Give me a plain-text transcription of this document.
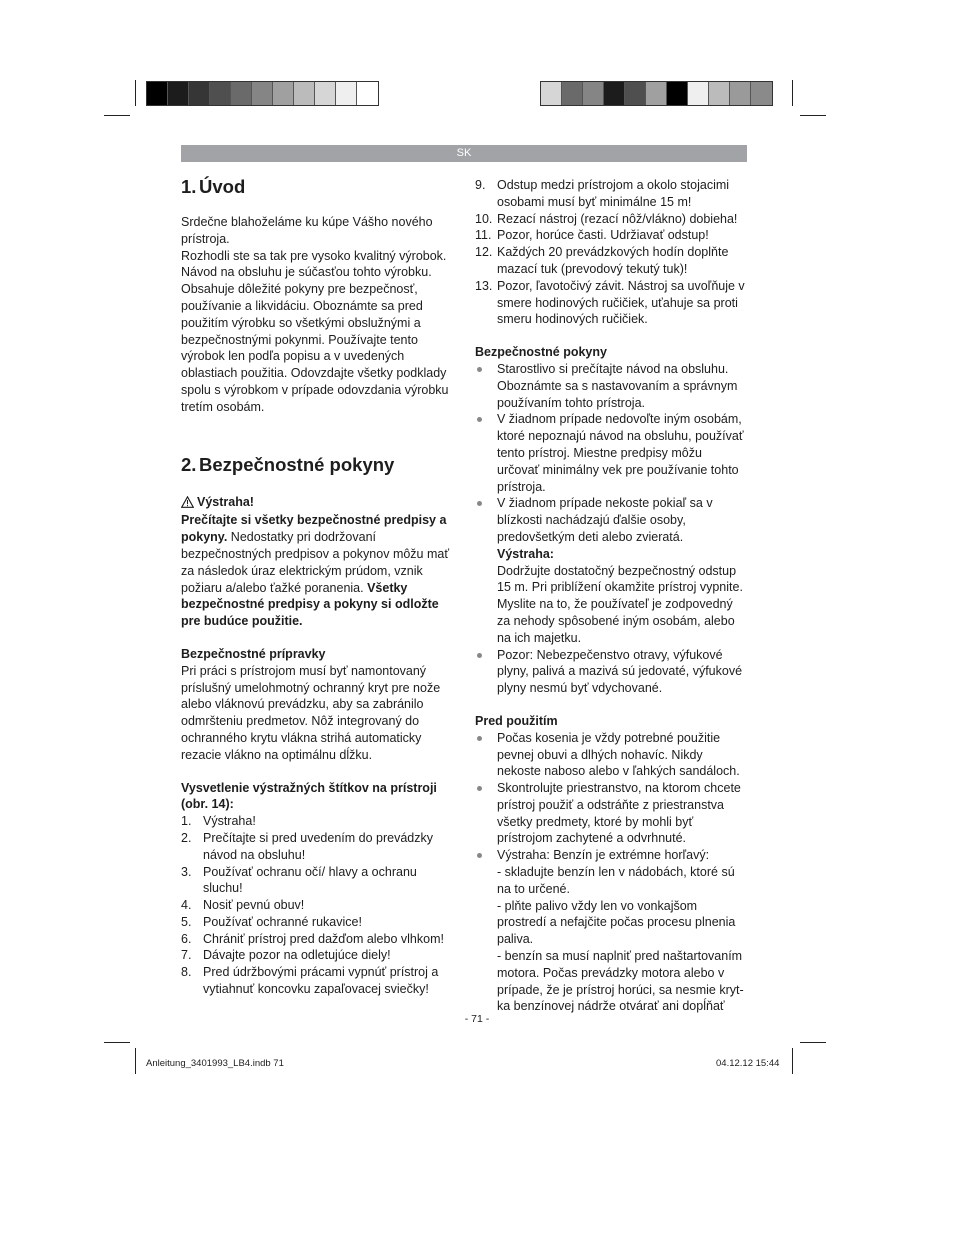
SK
1. Úvod

Srdečne blahoželáme ku kúpe Vášho nového prístroja.
Rozhodli ste sa tak pre vysoko kvalitný výrobok. Návod na obsluhu je súčasťou tohto výrobku. Obsahuje dôležité pokyny pre bezpečnosť, používanie a likvidáciu. Oboznámte sa pred použitím výrobku so všetkými obslužnými a bezpečnostnými pokynmi. Používajte tento výrobok len podľa popisu a v uvedených oblastiach použitia. Odovzdajte všetky podklady spolu s výrobkom v prípade odovzdania výrobku tretím osobám.

2. Bezpečnostné pokyny

Výstraha!

Prečítajte si všetky bezpečnostné predpisy a pokyny. Nedostatky pri dodržovaní bezpečnostných predpisov a pokynov môžu mať za následok úraz elektrickým prúdom, vznik požiaru a/alebo ťažké poranenia. Všetky bezpečnostné predpisy a pokyny si odložte pre budúce použitie.

Bezpečnostné prípravky

Pri práci s prístrojom musí byť namontovaný príslušný umelohmotný ochranný kryt pre nože alebo vláknovú prevádzku, aby sa zabránilo odmršteniu predmetov. Nôž integrovaný do ochranného krytu vlákna strihá automaticky rezacie vlákno na optimálnu dĺžku.

Vysvetlenie výstražných štítkov na prístroji (obr. 14):

1. Výstraha!
2. Prečítajte si pred uvedením do prevádzky návod na obsluhu!
3. Používať ochranu očí/ hlavy a ochranu sluchu!
4. Nosiť pevnú obuv!
5. Používať ochranné rukavice!
6. Chrániť prístroj pred dažďom alebo vlhkom!
7. Dávajte pozor na odletujúce diely!
8. Pred údržbovými prácami vypnúť prístroj a vytiahnuť koncovku zapaľovacej sviečky!
9. Odstup medzi prístrojom a okolo stojacimi osobami musí byť minimálne 15 m!
10. Rezací nástroj (rezací nôž/vlákno) dobieha!
11. Pozor, horúce časti. Udržiavať odstup!
12. Každých 20 prevádzkových hodín doplňte mazací tuk (prevodový tekutý tuk)!
13. Pozor, ľavotočivý závit. Nástroj sa uvoľňuje v smere hodinových ručičiek, uťahuje sa proti smeru hodinových ručičiek.

Bezpečnostné pokyny

Starostlivo si prečítajte návod na obsluhu. Oboznámte sa s nastavovaním a správnym používaním tohto prístroja.
V žiadnom prípade nedovoľte iným osobám, ktoré nepoznajú návod na obsluhu, používať tento prístroj. Miestne predpisy môžu určovať minimálny vek pre používanie tohto prístroja.
V žiadnom prípade nekoste pokiaľ sa v blízkosti nachádzajú ďalšie osoby, predovšetkým deti alebo zvieratá.
Výstraha:
Dodržujte dostatočný bezpečnostný odstup 15 m. Pri priblížení okamžite prístroj vypnite. Myslite na to, že používateľ je zodpovedný za nehody spôsobené iným osobám, alebo na ich majetku.
Pozor: Nebezpečenstvo otravy, výfukové plyny, palivá a mazivá sú jedovaté, výfukové plyny nesmú byť vdychované.

Pred použitím

Počas kosenia je vždy potrebné použitie pevnej obuvi a dlhých nohavíc. Nikdy nekoste naboso alebo v ľahkých sandáloch.
Skontrolujte priestranstvo, na ktorom chcete prístroj použiť a odstráňte z priestranstva všetky predmety, ktoré by mohli byť prístrojom zachytené a odvrhnuté.
Výstraha: Benzín je extrémne horľavý:
- skladujte benzín len v nádobách, ktoré sú na to určené.
- plňte palivo vždy len vo vonkajšom prostredí a nefajčite počas procesu plnenia paliva.
- benzín sa musí naplniť pred naštartovaním motora. Počas prevádzky motora alebo v prípade, že je prístroj horúci, sa nesmie kryt-ka benzínovej nádrže otvárať ani dopĺňať
- 71 -
Anleitung_3401993_LB4.indb 71	04.12.12 15:44
